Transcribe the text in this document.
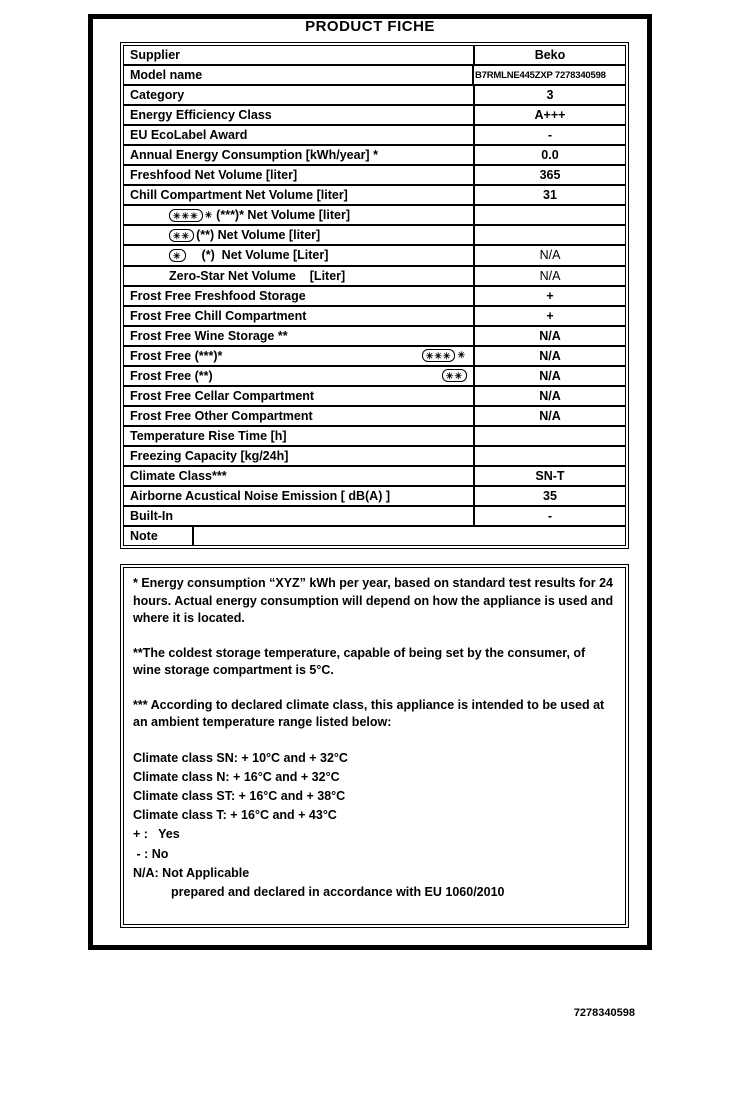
PRODUCT FICHE
Supplier	Beko
Model name	B7RMLNE445ZXP 7278340598
Category	3
Energy Efficiency Class	A+++
EU EcoLabel Award	-
Annual Energy Consumption [kWh/year] *	0.0
Freshfood Net Volume [liter]	365
Chill Compartment Net Volume [liter]	31
✳✳✳ ✳ (***)* Net Volume [liter]
✳✳ (**) Net Volume [liter]
✳	(*)  Net Volume [Liter]	N/A
Zero-Star Net Volume    [Liter]	N/A
Frost Free Freshfood Storage	+
Frost Free Chill Compartment	+
Frost Free Wine Storage **	N/A
Frost Free (***)*	✳✳✳ ✳	N/A
Frost Free (**)	✳✳	N/A
Frost Free Cellar Compartment	N/A
Frost Free Other Compartment	N/A
Temperature Rise Time [h]
Freezing Capacity [kg/24h]
Climate Class***	SN-T
Airborne Acustical Noise Emission [ dB(A) ]	35
Built-In	-
Note

* Energy consumption “XYZ” kWh per year, based on standard test results for 24 hours. Actual energy consumption will depend on how the appliance is used and where it is located.

**The coldest storage temperature, capable of being set by the consumer, of wine storage compartment is 5°C.

*** According to declared climate class, this appliance is intended to be used at an ambient temperature range listed below:

Climate class SN: + 10°C and + 32°C
Climate class N: + 16°C and + 32°C
Climate class ST: + 16°C and + 38°C
Climate class T: + 16°C and + 43°C
+ :   Yes
- : No
N/A: Not Applicable
prepared and declared in accordance with EU 1060/2010
7278340598
